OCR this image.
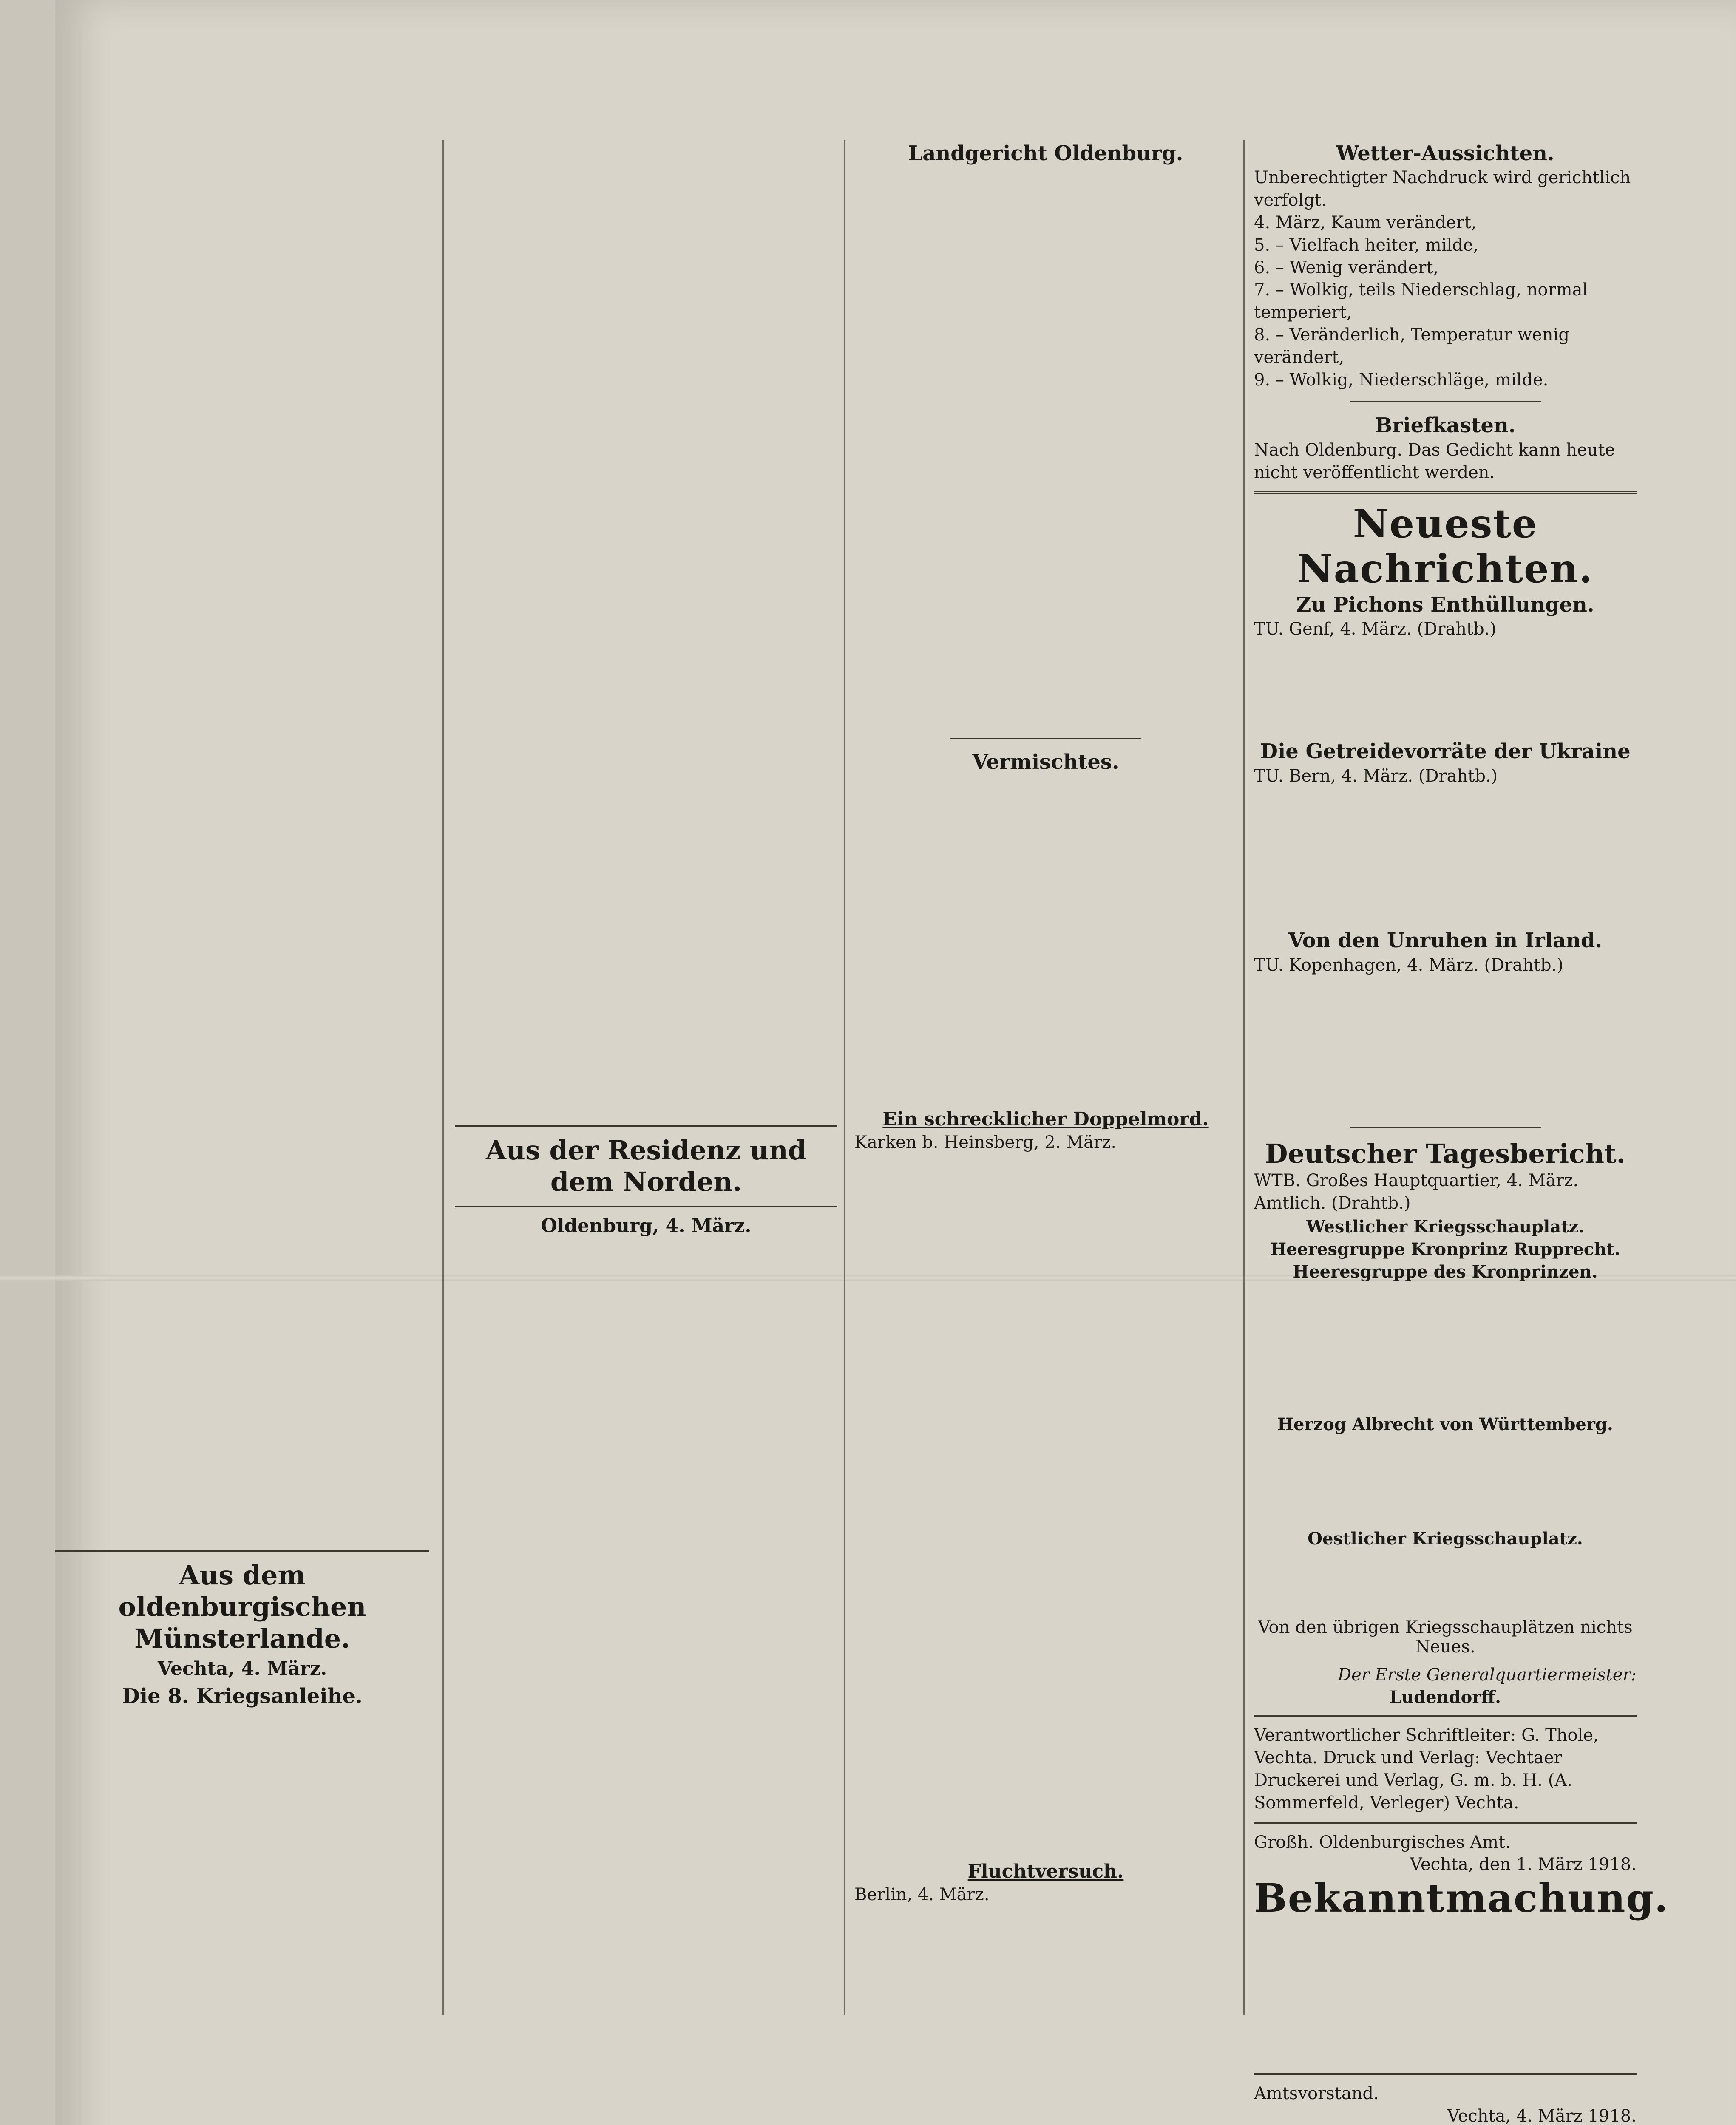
Aus dem oldenburgischen Münsterlande.
Vechta, 4. März.
Die 8. Kriegsanleihe.
Aus der Residenz und dem Norden.
Oldenburg, 4. März.
Landgericht Oldenburg.
Vermischtes.
Ein schrecklicher Doppelmord.
Karken b. Heinsberg, 2. März.
Fluchtversuch.
Berlin, 4. März.
Wetter-Aussichten.
Unberechtigter Nachdruck wird gerichtlich verfolgt.
4. März, Kaum verändert,
5. – Vielfach heiter, milde,
6. – Wenig verändert,
7. – Wolkig, teils Niederschlag, normal temperiert,
8. – Veränderlich, Temperatur wenig verändert,
9. – Wolkig, Niederschläge, milde.
Briefkasten.
Nach Oldenburg. Das Gedicht kann heute nicht veröffentlicht werden.
Neueste Nachrichten.
Zu Pichons Enthüllungen.
TU. Genf, 4. März. (Drahtb.)
Die Getreidevorräte der Ukraine
TU. Bern, 4. März. (Drahtb.)
Von den Unruhen in Irland.
TU. Kopenhagen, 4. März. (Drahtb.)
Deutscher Tagesbericht.
WTB. Großes Hauptquartier, 4. März. Amtlich. (Drahtb.)
Westlicher Kriegsschauplatz.
Heeresgruppe Kronprinz Rupprecht.
Heeresgruppe des Kronprinzen.
Herzog Albrecht von Württemberg.
Oestlicher Kriegsschauplatz.
Von den übrigen Kriegsschauplätzen nichts Neues.
Der Erste Generalquartiermeister:
Ludendorff.
Verantwortlicher Schriftleiter: G. Thole, Vechta. Druck und Verlag: Vechtaer Druckerei und Verlag, G. m. b. H. (A. Sommerfeld, Verleger) Vechta.
Großh. Oldenburgisches Amt.
Vechta, den 1. März 1918.
Bekanntmachung.
Amtsvorstand.
Vechta, 4. März 1918.
